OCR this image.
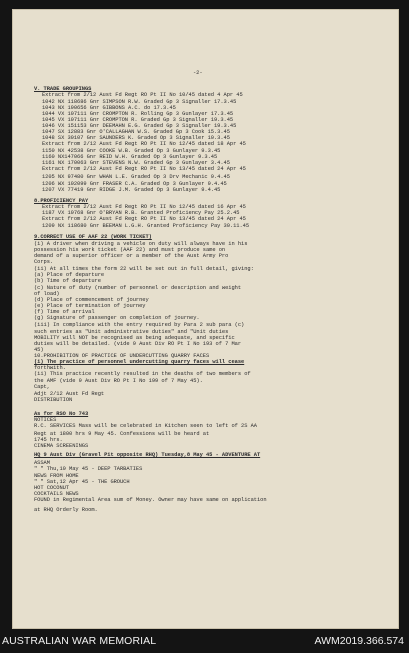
-2-
V. TRADE GROUPINGS
Extract from 2/12 Aust Fd Regt RO Pt II No 10/45 dated 4 Apr 45
1042 NX 118686 Gnr SIMPSON R.W. Graded Gp 3 Signaller 17.3.45
1043 NX 190656 Gnr GIBBONS A.C. do 17.3.45
1044 VX 107111 Gnr CROMPTON R. Rolling Gp 3 Gunlayer 17.3.45
1045 VX 107111 Gnr CROMPTON R. Graded Gp 3 Signaller 19.3.45
1046 VX 151153 Gnr DEEMAHN E.G. Graded Gp 3 Signaller 19.3.45
1047 SX 12883 Gnr O'CALLAGHAN W.S. Graded Gp 3 Cook 15.3.45
1048 SX 30107 Gnr SAUNDERS K. Graded Op 3 Signaller 10.3.45
Extract from 2/12 Aust Fd Regt RO Pt II No 12/45 dated 18 Apr 45
1150 NX 42538 Gnr COOKE W.B. Graded Op 3 Gunlayer 9.3.45
1160 NX147066 Gnr REID W.H. Graded Op 3 Gunlayer 9.3.45
1161 NX 170063 Gnr STEVENS N.W. Graded Gp 3 Gunlayer 3.4.45
Extract from 2/12 Aust Fd Regt RO Pt II No 13/45 dated 24 Apr 45
1205 NX 97480 Gnr WHAN L.E. Graded Op 3 Drv Mechanic 9.4.45
1206 WX 102099 Gnr FRASER C.A. Graded Op 3 Gunlayer 9.4.45
1207 VX 77419 Gnr RIDGE J.M. Graded Op 3 Gunlayer 9.4.45
8.PROFICIENCY PAY
Extract from 2/12 Aust Fd Regt RO Pt II No 12/45 dated 16 Apr 45
1187 VX 10768 Gnr O'BRYAN R.B. Granted Proficiency Pay 25.2.45
Extract from 2/12 Aust Fd Regt RO Pt II No 13/45 dated 24 Apr 45
1209 NX 118680 Gnr BEEMAN L.G.H. Granted Proficiency Pay 30.11.45
9.CORRECT USE OF AAF 22 (WORK TICKET)
(i) A driver when driving a vehicle on duty will always have in his
possession his work ticket (AAF 22) and must produce same on
demand of a superior officer or a member of the Aust Army Pro
Corps.
(ii) At all times the form 22 will be set out in full detail, giving:
(a) Place of departure
(b) Time of departure
(c) Nature of duty (number of personnel or description and weight
of load)
(d) Place of commencement of journey
(e) Place of termination of journey
(f) Time of arrival
(g) Signature of passenger on completion of journey.
(iii) In compliance with the entry required by Para 2 sub para (c)
such entries as "Unit administrative duties" and "Unit duties
MOBILITY will NOT be recognised as being adequate, and specific
duties will be detailed. (vide 9 Aust Div RO Pt I No 193 of 7 Mar
45)
10.PROHIBITION OF PRACTICE OF UNDERCUTTING QUARRY FACES
(i) The practice of personnel undercutting quarry faces will cease
forthwith.
(ii) This practice recently resulted in the deaths of two members of
the AMF (vide 9 Aust Div RO Pt I No 199 of 7 May 45).
Capt,
Adjt 2/12 Aust Fd Regt
DISTRIBUTION
As for RSO No 743
NOTICES
R.C. SERVICES Mass will be celebrated in Kitchen seen to left of 2S AA
Regt at 1800 hrs 9 May 45. Confessions will be heard at
1745 hrs.
CINEMA SCREENINGS
HQ 9 Aust Div (Gravel Pit opposite RHQ) Tuesday,8 May 45 - ADVENTURE AT
ASSAM
" " Thu,10 May 45 - DEEP TARBATIES
NEWS FROM HOME
" " Sat,12 Apr 45 - THE GROUCH
HOT COCONUT
COCKTAILS NEWS
FOUND in Regimental Area sum of Money. Owner may have same on application
at RHQ Orderly Room.
AUSTRALIAN WAR MEMORIAL	AWM2019.366.574
